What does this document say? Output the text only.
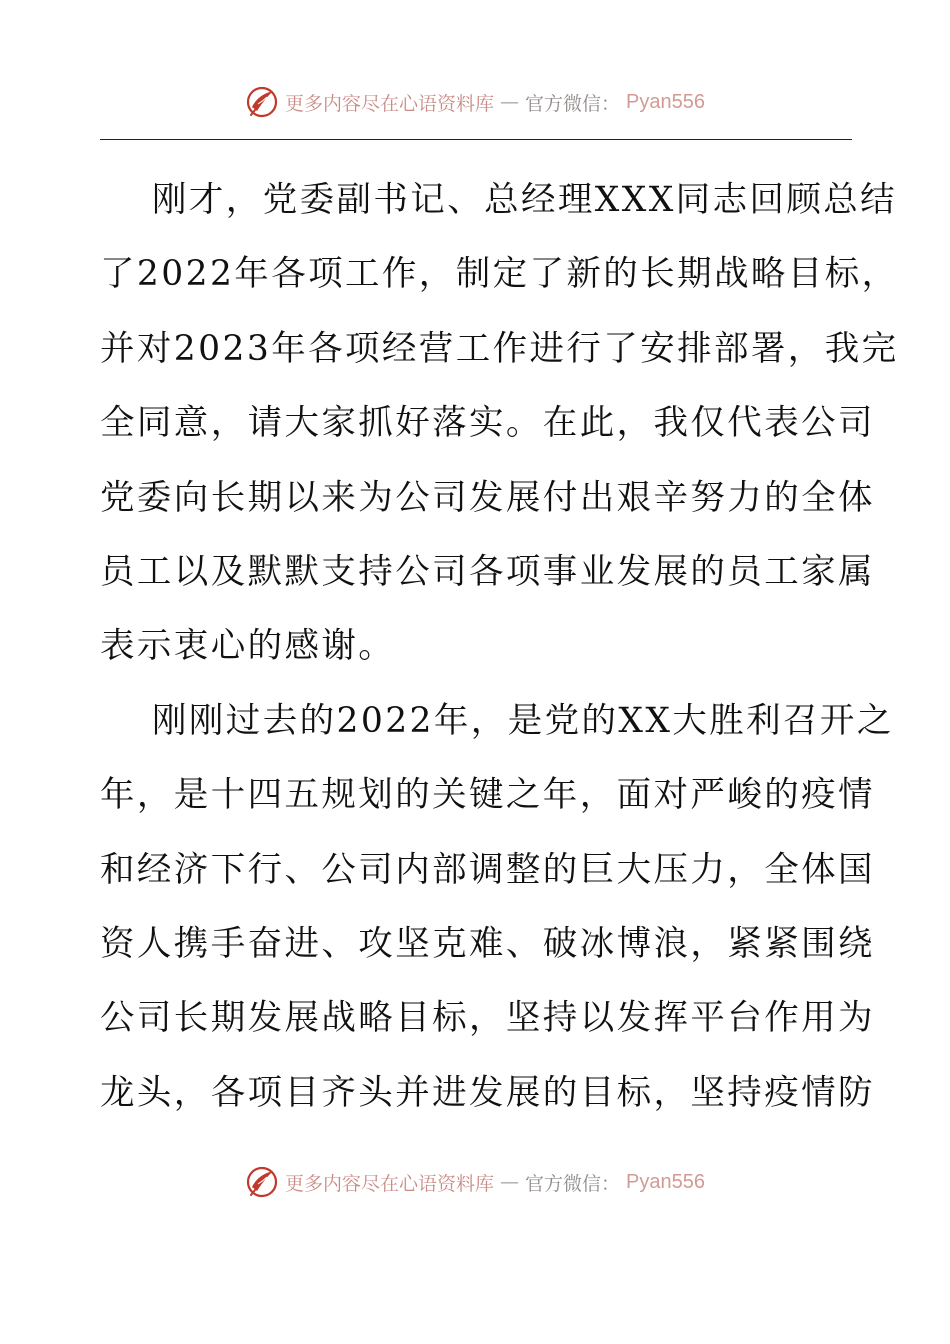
更多内容尽在心语资料库 — 官方微信： Pyan556

刚才，党委副书记、总经理XXX同志回顾总结
了2022年各项工作，制定了新的长期战略目标，
并对2023年各项经营工作进行了安排部署，我完
全同意，请大家抓好落实。在此，我仅代表公司
党委向长期以来为公司发展付出艰辛努力的全体
员工以及默默支持公司各项事业发展的员工家属
表示衷心的感谢。

刚刚过去的2022年，是党的XX大胜利召开之
年，是十四五规划的关键之年，面对严峻的疫情
和经济下行、公司内部调整的巨大压力，全体国
资人携手奋进、攻坚克难、破冰博浪，紧紧围绕
公司长期发展战略目标，坚持以发挥平台作用为
龙头，各项目齐头并进发展的目标，坚持疫情防

更多内容尽在心语资料库 — 官方微信： Pyan556
